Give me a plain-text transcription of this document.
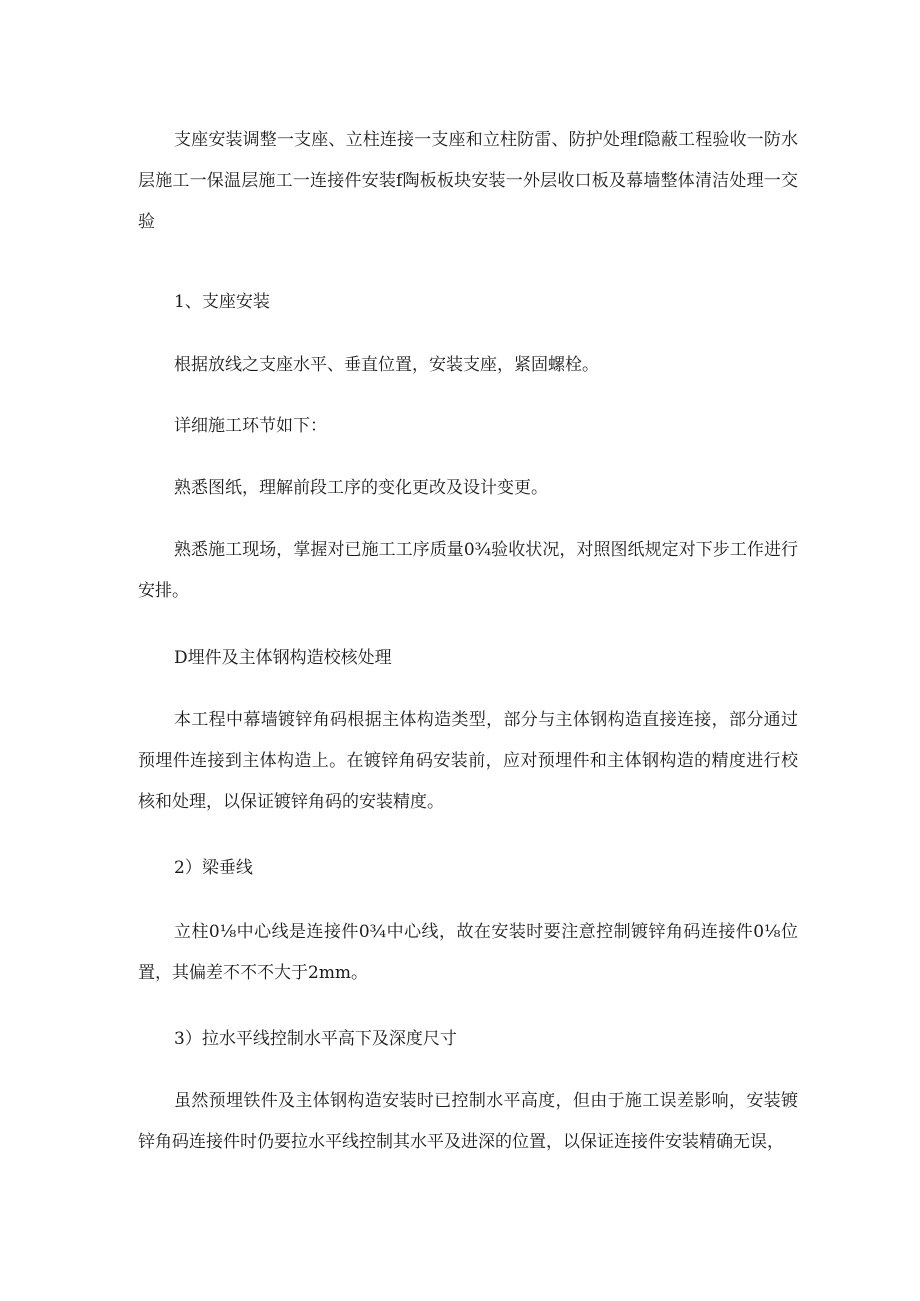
支座安装调整一支座、立柱连接一支座和立柱防雷、防护处理f隐蔽工程验收一防水层施工一保温层施工一连接件安装f陶板板块安装一外层收口板及幕墙整体清洁处理一交验

1、支座安装

根据放线之支座水平、垂直位置，安装支座，紧固螺栓。

详细施工环节如下：

熟悉图纸，理解前段工序的变化更改及设计变更。

熟悉施工现场，掌握对已施工工序质量0¾验收状况，对照图纸规定对下步工作进行安排。

D埋件及主体钢构造校核处理

本工程中幕墙镀锌角码根据主体构造类型，部分与主体钢构造直接连接，部分通过预埋件连接到主体构造上。在镀锌角码安装前，应对预埋件和主体钢构造的精度进行校核和处理，以保证镀锌角码的安装精度。

2）梁垂线

立柱0⅛中心线是连接件0¾中心线，故在安装时要注意控制镀锌角码连接件0⅛位置，其偏差不不不大于2mm。

3）拉水平线控制水平高下及深度尺寸

虽然预埋铁件及主体钢构造安装时已控制水平高度，但由于施工误差影响，安装镀锌角码连接件时仍要拉水平线控制其水平及进深的位置，以保证连接件安装精确无误，
